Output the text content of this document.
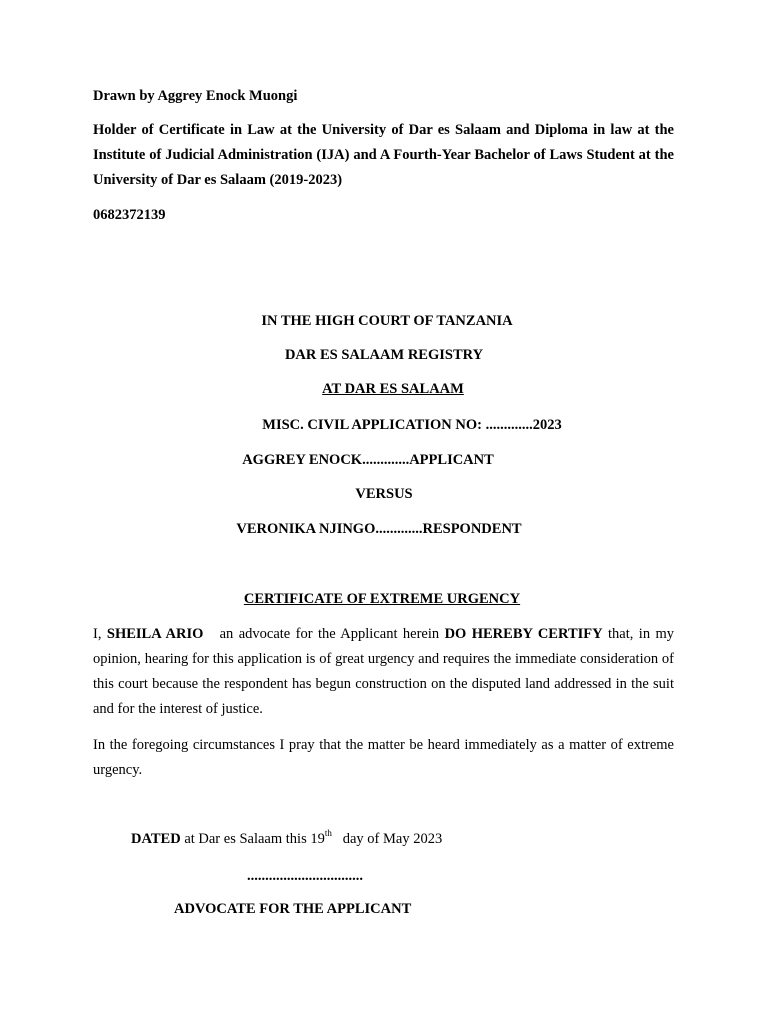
Drawn by Aggrey Enock Muongi

Holder of Certificate in Law at the University of Dar es Salaam and Diploma in law at the Institute of Judicial Administration (IJA) and A Fourth-Year Bachelor of Laws Student at the University of Dar es Salaam (2019-2023)

0682372139
IN THE HIGH COURT OF TANZANIA
DAR ES SALAAM REGISTRY
AT DAR ES SALAAM
MISC. CIVIL APPLICATION NO: .............2023
AGGREY ENOCK.............APPLICANT
VERSUS
VERONIKA NJINGO.............RESPONDENT
CERTIFICATE OF EXTREME URGENCY

I, SHEILA ARIO an advocate for the Applicant herein DO HEREBY CERTIFY that, in my opinion, hearing for this application is of great urgency and requires the immediate consideration of this court because the respondent has begun construction on the disputed land addressed in the suit and for the interest of justice.

In the foregoing circumstances I pray that the matter be heard immediately as a matter of extreme urgency.

DATED at Dar es Salaam this 19th day of May 2023
................................
ADVOCATE FOR THE APPLICANT
